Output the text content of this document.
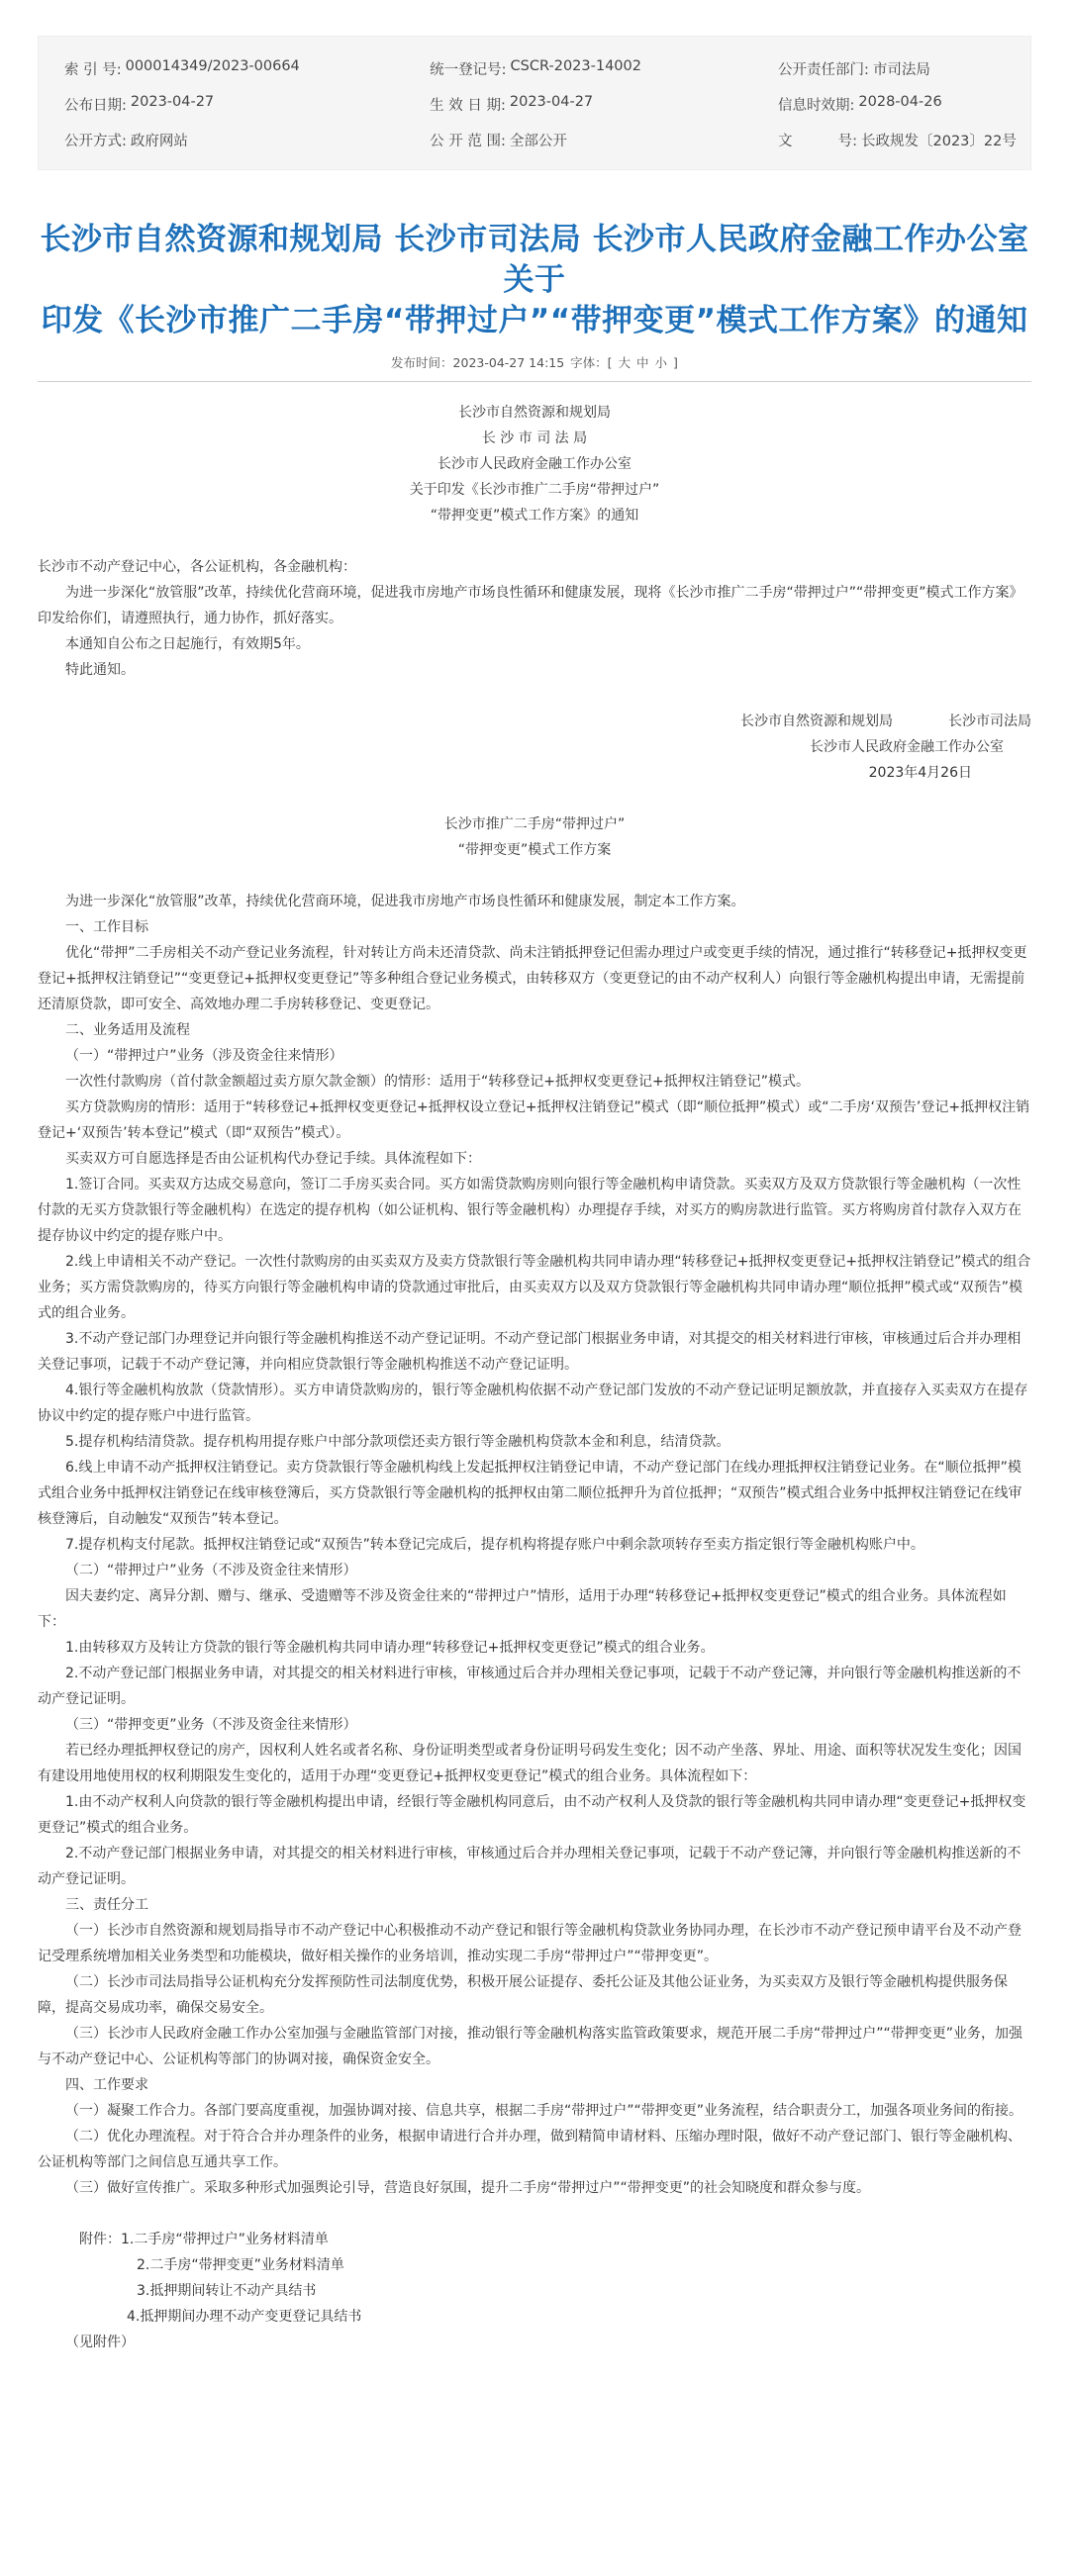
索 引 号: 000014349/2023-00664	统一登记号: CSCR-2023-14002	公开责任部门: 市司法局
公布日期: 2023-04-27	生 效 日 期: 2023-04-27	信息时效期: 2028-04-26
公开方式: 政府网站	公 开 范 围: 全部公开	文          号: 长政规发〔2023〕22号
长沙市自然资源和规划局 长沙市司法局 长沙市人民政府金融工作办公室关于
印发《长沙市推广二手房“带押过户”“带押变更”模式工作方案》的通知
发布时间：2023-04-27 14:15 字体：[ 大 中 小 ]

长沙市自然资源和规划局

长 沙 市 司 法 局

长沙市人民政府金融工作办公室

关于印发《长沙市推广二手房“带押过户”

“带押变更”模式工作方案》的通知

长沙市不动产登记中心，各公证机构，各金融机构：

为进一步深化“放管服”改革，持续优化营商环境，促进我市房地产市场良性循环和健康发展，现将《长沙市推广二手房“带押过户”“带押变更”模式工作方案》印发给你们，请遵照执行，通力协作，抓好落实。

本通知自公布之日起施行，有效期5年。

特此通知。

长沙市自然资源和规划局　　　　长沙市司法局

长沙市人民政府金融工作办公室

2023年4月26日

长沙市推广二手房“带押过户”

“带押变更”模式工作方案

为进一步深化“放管服”改革，持续优化营商环境，促进我市房地产市场良性循环和健康发展，制定本工作方案。

一、工作目标

优化“带押”二手房相关不动产登记业务流程，针对转让方尚未还清贷款、尚未注销抵押登记但需办理过户或变更手续的情况，通过推行“转移登记+抵押权变更登记+抵押权注销登记”“变更登记+抵押权变更登记”等多种组合登记业务模式，由转移双方（变更登记的由不动产权利人）向银行等金融机构提出申请，无需提前还清原贷款，即可安全、高效地办理二手房转移登记、变更登记。

二、业务适用及流程

（一）“带押过户”业务（涉及资金往来情形）

一次性付款购房（首付款金额超过卖方原欠款金额）的情形：适用于“转移登记+抵押权变更登记+抵押权注销登记”模式。

买方贷款购房的情形：适用于“转移登记+抵押权变更登记+抵押权设立登记+抵押权注销登记”模式（即“顺位抵押”模式）或“二手房‘双预告’登记+抵押权注销登记+‘双预告’转本登记”模式（即“双预告”模式）。

买卖双方可自愿选择是否由公证机构代办登记手续。具体流程如下：

1.签订合同。买卖双方达成交易意向，签订二手房买卖合同。买方如需贷款购房则向银行等金融机构申请贷款。买卖双方及双方贷款银行等金融机构（一次性付款的无买方贷款银行等金融机构）在选定的提存机构（如公证机构、银行等金融机构）办理提存手续，对买方的购房款进行监管。买方将购房首付款存入双方在提存协议中约定的提存账户中。

2.线上申请相关不动产登记。一次性付款购房的由买卖双方及卖方贷款银行等金融机构共同申请办理“转移登记+抵押权变更登记+抵押权注销登记”模式的组合业务；买方需贷款购房的，待买方向银行等金融机构申请的贷款通过审批后，由买卖双方以及双方贷款银行等金融机构共同申请办理“顺位抵押”模式或“双预告”模式的组合业务。

3.不动产登记部门办理登记并向银行等金融机构推送不动产登记证明。不动产登记部门根据业务申请，对其提交的相关材料进行审核，审核通过后合并办理相关登记事项，记载于不动产登记簿，并向相应贷款银行等金融机构推送不动产登记证明。

4.银行等金融机构放款（贷款情形）。买方申请贷款购房的，银行等金融机构依据不动产登记部门发放的不动产登记证明足额放款，并直接存入买卖双方在提存协议中约定的提存账户中进行监管。

5.提存机构结清贷款。提存机构用提存账户中部分款项偿还卖方银行等金融机构贷款本金和利息，结清贷款。

6.线上申请不动产抵押权注销登记。卖方贷款银行等金融机构线上发起抵押权注销登记申请，不动产登记部门在线办理抵押权注销登记业务。在“顺位抵押”模式组合业务中抵押权注销登记在线审核登簿后，买方贷款银行等金融机构的抵押权由第二顺位抵押升为首位抵押；“双预告”模式组合业务中抵押权注销登记在线审核登簿后，自动触发“双预告”转本登记。

7.提存机构支付尾款。抵押权注销登记或“双预告”转本登记完成后，提存机构将提存账户中剩余款项转存至卖方指定银行等金融机构账户中。

（二）“带押过户”业务（不涉及资金往来情形）

因夫妻约定、离异分割、赠与、继承、受遗赠等不涉及资金往来的“带押过户”情形，适用于办理“转移登记+抵押权变更登记”模式的组合业务。具体流程如下：

1.由转移双方及转让方贷款的银行等金融机构共同申请办理“转移登记+抵押权变更登记”模式的组合业务。

2.不动产登记部门根据业务申请，对其提交的相关材料进行审核，审核通过后合并办理相关登记事项，记载于不动产登记簿，并向银行等金融机构推送新的不动产登记证明。

（三）“带押变更”业务（不涉及资金往来情形）

若已经办理抵押权登记的房产，因权利人姓名或者名称、身份证明类型或者身份证明号码发生变化；因不动产坐落、界址、用途、面积等状况发生变化；因国有建设用地使用权的权利期限发生变化的，适用于办理“变更登记+抵押权变更登记”模式的组合业务。具体流程如下：

1.由不动产权利人向贷款的银行等金融机构提出申请，经银行等金融机构同意后，由不动产权利人及贷款的银行等金融机构共同申请办理“变更登记+抵押权变更登记”模式的组合业务。

2.不动产登记部门根据业务申请，对其提交的相关材料进行审核，审核通过后合并办理相关登记事项，记载于不动产登记簿，并向银行等金融机构推送新的不动产登记证明。

三、责任分工

（一）长沙市自然资源和规划局指导市不动产登记中心积极推动不动产登记和银行等金融机构贷款业务协同办理，在长沙市不动产登记预申请平台及不动产登记受理系统增加相关业务类型和功能模块，做好相关操作的业务培训，推动实现二手房“带押过户”“带押变更”。

（二）长沙市司法局指导公证机构充分发挥预防性司法制度优势，积极开展公证提存、委托公证及其他公证业务，为买卖双方及银行等金融机构提供服务保障，提高交易成功率，确保交易安全。

（三）长沙市人民政府金融工作办公室加强与金融监管部门对接，推动银行等金融机构落实监管政策要求，规范开展二手房“带押过户”“带押变更”业务，加强与不动产登记中心、公证机构等部门的协调对接，确保资金安全。

四、工作要求

（一）凝聚工作合力。各部门要高度重视，加强协调对接、信息共享，根据二手房“带押过户”“带押变更”业务流程，结合职责分工，加强各项业务间的衔接。

（二）优化办理流程。对于符合合并办理条件的业务，根据申请进行合并办理，做到精简申请材料、压缩办理时限，做好不动产登记部门、银行等金融机构、公证机构等部门之间信息互通共享工作。

（三）做好宣传推广。采取多种形式加强舆论引导，营造良好氛围，提升二手房“带押过户”“带押变更”的社会知晓度和群众参与度。

附件：1.二手房“带押过户”业务材料清单

2.二手房“带押变更”业务材料清单

3.抵押期间转让不动产具结书

4.抵押期间办理不动产变更登记具结书

（见附件）
